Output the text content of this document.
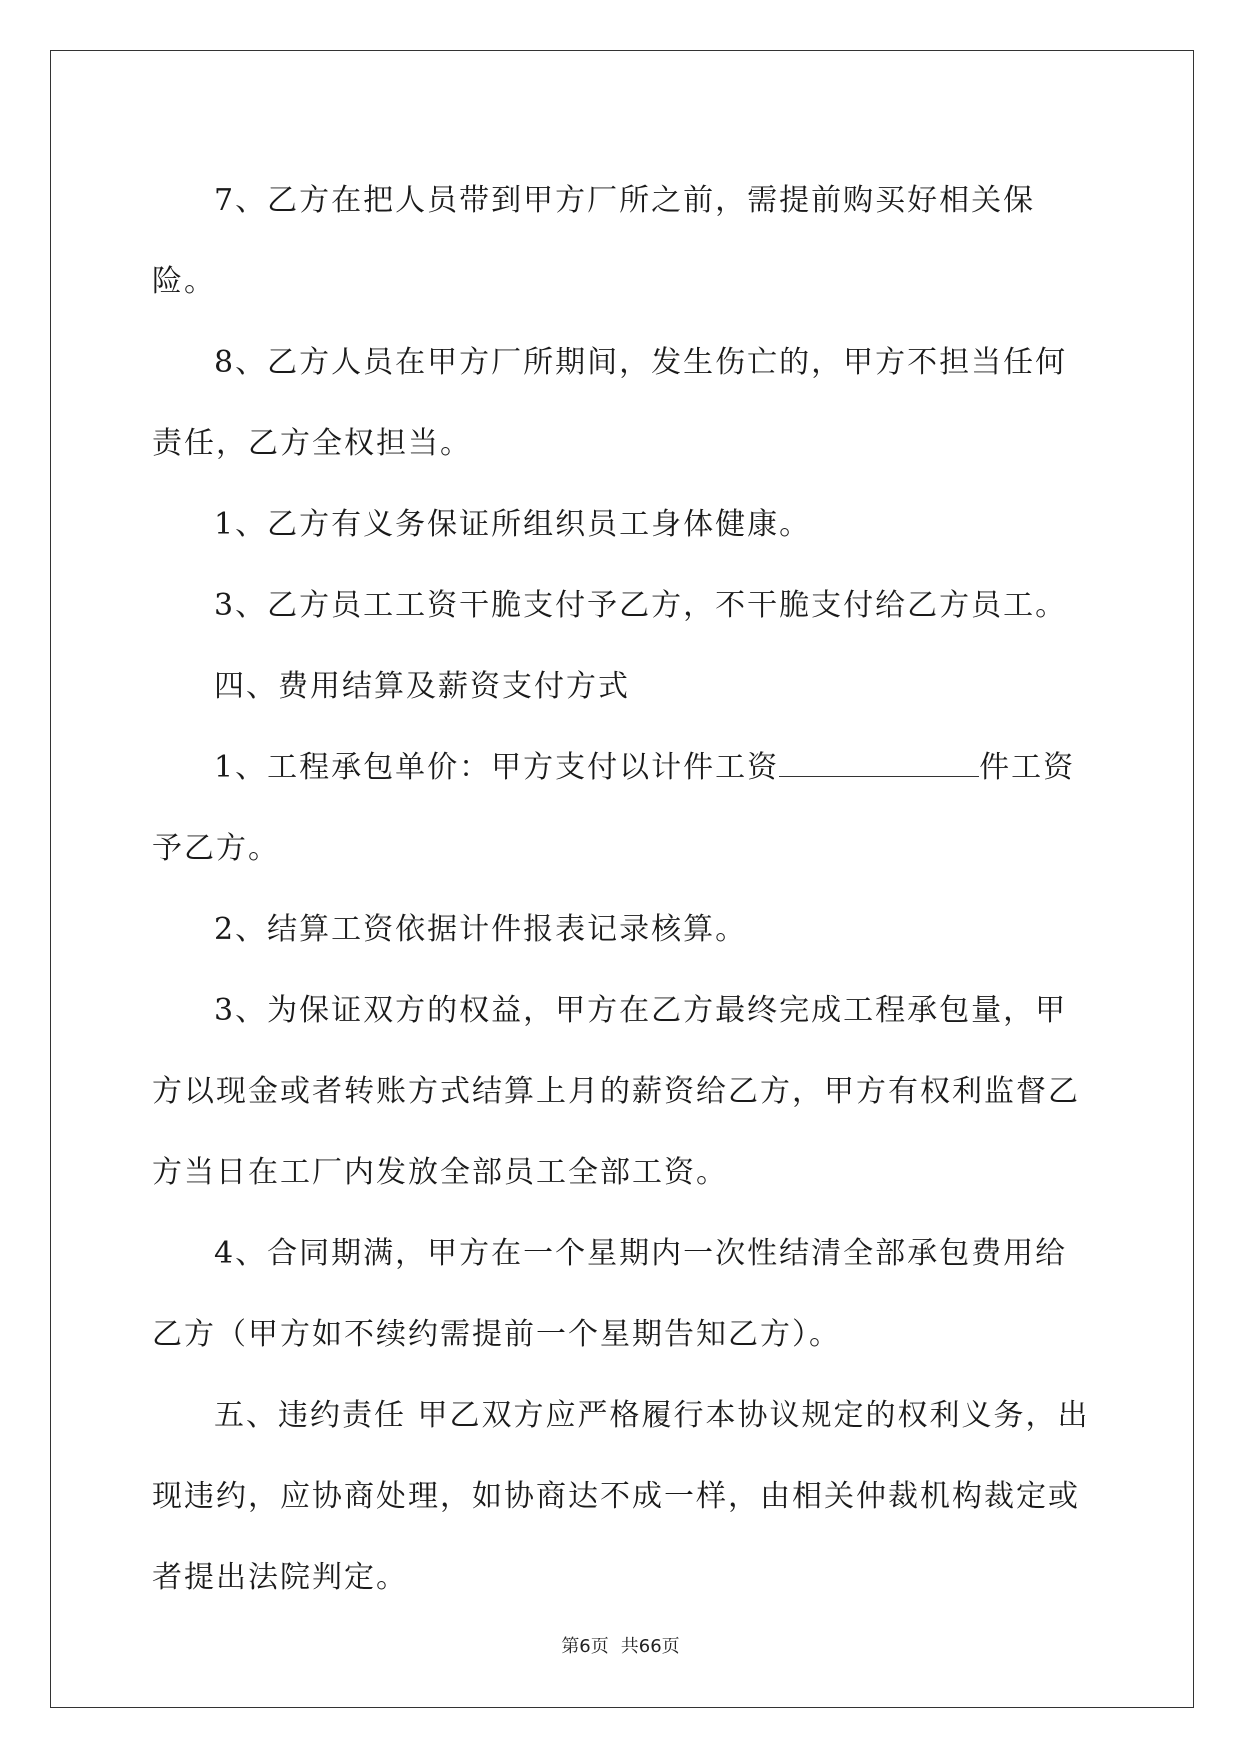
7、乙方在把人员带到甲方厂所之前，需提前购买好相关保险。

8、乙方人员在甲方厂所期间，发生伤亡的，甲方不担当任何责任，乙方全权担当。

1、乙方有义务保证所组织员工身体健康。

3、乙方员工工资干脆支付予乙方，不干脆支付给乙方员工。

四、费用结算及薪资支付方式

1、工程承包单价：甲方支付以计件工资	件工资予乙方。

2、结算工资依据计件报表记录核算。

3、为保证双方的权益，甲方在乙方最终完成工程承包量，甲方以现金或者转账方式结算上月的薪资给乙方，甲方有权利监督乙方当日在工厂内发放全部员工全部工资。

4、合同期满，甲方在一个星期内一次性结清全部承包费用给乙方（甲方如不续约需提前一个星期告知乙方）。

五、违约责任 甲乙双方应严格履行本协议规定的权利义务，出现违约，应协商处理，如协商达不成一样，由相关仲裁机构裁定或者提出法院判定。

第6页 共66页
